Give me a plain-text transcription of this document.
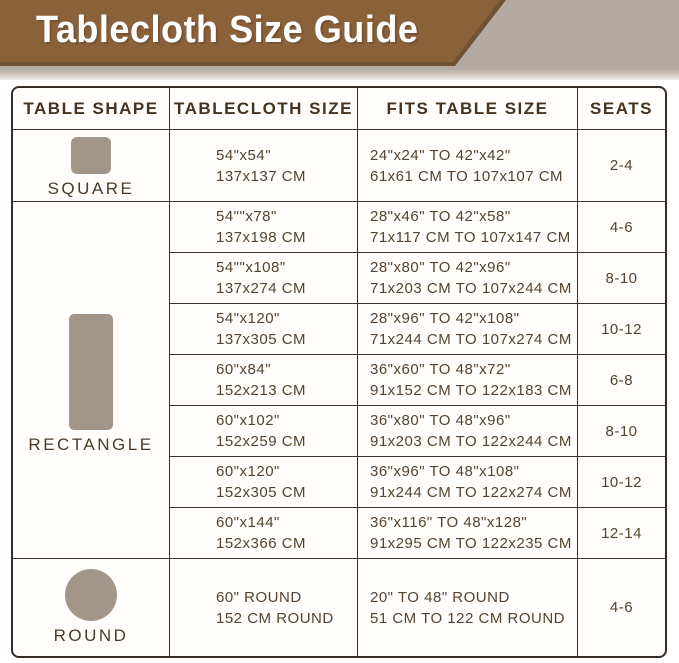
Tablecloth Size Guide
TABLE SHAPE TABLECLOTH SIZE FITS TABLE SIZE SEATS
SQUARE
RECTANGLE
ROUND
54"x54"
137x137 CM
24"x24" TO 42"x42"
61x61 CM TO 107x107 CM
2-4
54""x78"
137x198 CM
28"x46" TO 42"x58"
71x117 CM TO 107x147 CM
4-6
54""x108"
137x274 CM
28"x80" TO 42"x96"
71x203 CM TO 107x244 CM
8-10
54"x120"
137x305 CM
28"x96" TO 42"x108"
71x244 CM TO 107x274 CM
10-12
60"x84"
152x213 CM
36"x60" TO 48"x72"
91x152 CM TO 122x183 CM
6-8
60"x102"
152x259 CM
36"x80" TO 48"x96"
91x203 CM TO 122x244 CM
8-10
60"x120"
152x305 CM
36"x96" TO 48"x108"
91x244 CM TO 122x274 CM
10-12
60"x144"
152x366 CM
36"x116" TO 48"x128"
91x295 CM TO 122x235 CM
12-14
60" ROUND
152 CM ROUND
20" TO 48" ROUND
51 CM TO 122 CM ROUND
4-6
